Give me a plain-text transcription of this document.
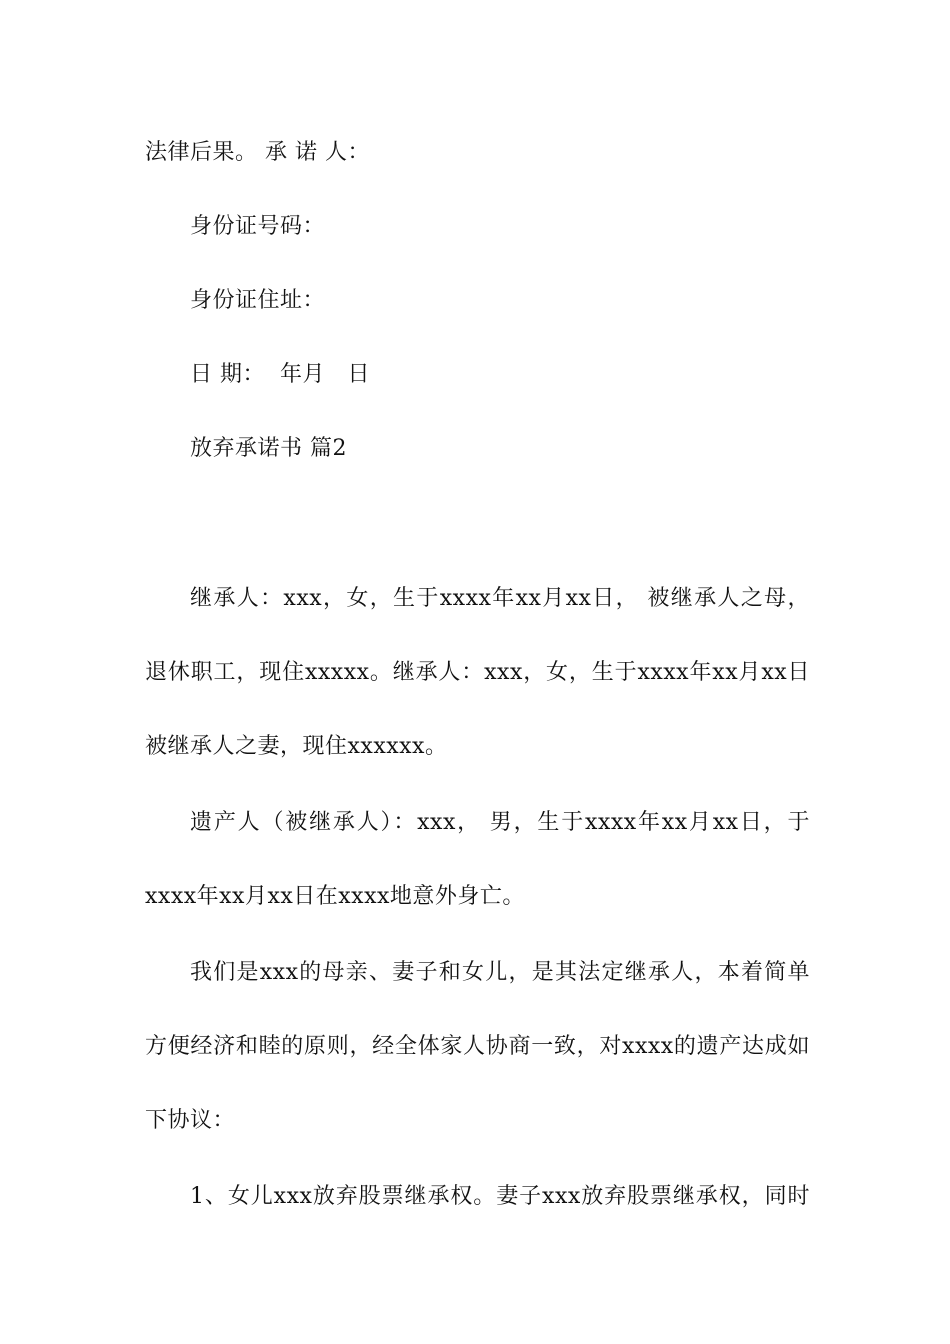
法律后果。 承 诺 人：
身份证号码：
身份证住址：
日 期：  年月   日
放弃承诺书 篇2
继承人：xxx，女，生于xxxx年xx月xx日， 被继承人之母，
退休职工，现住xxxxx。继承人：xxx，女，生于xxxx年xx月xx日
被继承人之妻，现住xxxxxx。
遗产人（被继承人）：xxx， 男，生于xxxx年xx月xx日，于
xxxx年xx月xx日在xxxx地意外身亡。
我们是xxx的母亲、妻子和女儿，是其法定继承人，本着简单
方便经济和睦的原则，经全体家人协商一致，对xxxx的遗产达成如
下协议：
1、女儿xxx放弃股票继承权。妻子xxx放弃股票继承权，同时
